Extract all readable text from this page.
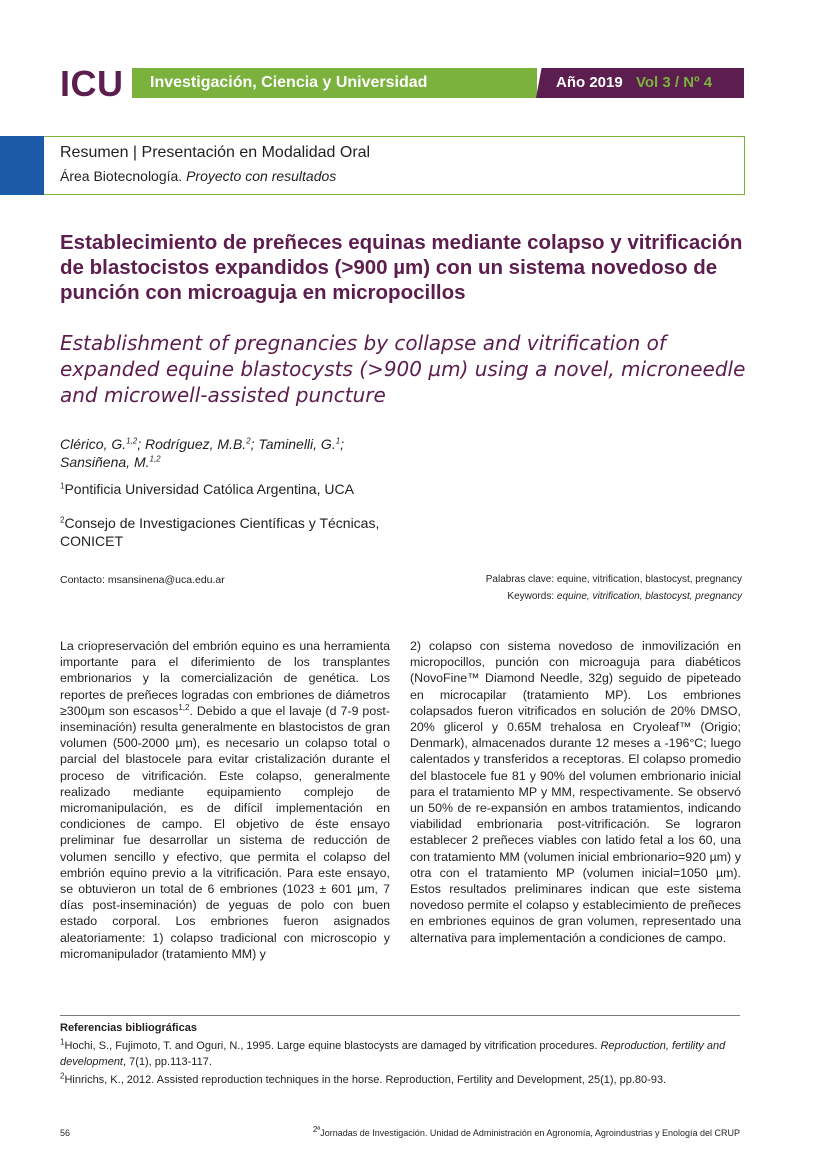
ICU Investigación, Ciencia y Universidad	Año 2019 Vol 3 / Nº 4
Resumen | Presentación en Modalidad Oral
Área Biotecnología. Proyecto con resultados
Establecimiento de preñeces equinas mediante colapso y vitrificación de blastocistos expandidos (>900 µm) con un sistema novedoso de punción con microaguja en micropocillos
Establishment of pregnancies by collapse and vitrification of expanded equine blastocysts (>900 µm) using a novel, microneedle and microwell-assisted puncture
Clérico, G.$^{1,2}$; Rodríguez, M.B.$^2$; Taminelli, G.$^1$;
Sansiñena, M.$^{1,2}$
$^1$Pontificia Universidad Católica Argentina, UCA
$^2$Consejo de Investigaciones Científicas y Técnicas, CONICET
Contacto: msansinena@uca.edu.ar	Palabras clave: equine, vitrification, blastocyst, pregnancy
Keywords: equine, vitrification, blastocyst, pregnancy
La criopreservación del embrión equino es una herramienta importante para el diferimiento de los transplantes embrionarios y la comercialización de genética. Los reportes de preñeces logradas con embriones de diámetros ≥300µm son escasos$^{1,2}$. Debido a que el lavaje (d 7-9 post-inseminación) resulta generalmente en blastocistos de gran volumen (500-2000 µm), es necesario un colapso total o parcial del blastocele para evitar cristalización durante el proceso de vitrificación. Este colapso, generalmente realizado mediante equipamiento complejo de micromanipulación, es de difícil implementación en condiciones de campo. El objetivo de éste ensayo preliminar fue desarrollar un sistema de reducción de volumen sencillo y efectivo, que permita el colapso del embrión equino previo a la vitrificación. Para este ensayo, se obtuvieron un total de 6 embriones (1023 ± 601 µm, 7 días post-inseminación) de yeguas de polo con buen estado corporal. Los embriones fueron asignados aleatoriamente: 1) colapso tradicional con microscopio y micromanipulador (tratamiento MM) y
2) colapso con sistema novedoso de inmovilización en micropocillos, punción con microaguja para diabéticos (NovoFine™ Diamond Needle, 32g) seguido de pipeteado en microcapilar (tratamiento MP). Los embriones colapsados fueron vitrificados en solución de 20% DMSO, 20% glicerol y 0.65M trehalosa en Cryoleaf™ (Origio; Denmark), almacenados durante 12 meses a -196°C; luego calentados y transferidos a receptoras. El colapso promedio del blastocele fue 81 y 90% del volumen embrionario inicial para el tratamiento MP y MM, respectivamente. Se observó un 50% de re-expansión en ambos tratamientos, indicando viabilidad embrionaria post-vitrificación. Se lograron establecer 2 preñeces viables con latido fetal a los 60, una con tratamiento MM (volumen inicial embrionario=920 µm) y otra con el tratamiento MP (volumen inicial=1050 µm). Estos resultados preliminares indican que este sistema novedoso permite el colapso y establecimiento de preñeces en embriones equinos de gran volumen, representado una alternativa para implementación a condiciones de campo.
Referencias bibliográficas
$^1$Hochi, S., Fujimoto, T. and Oguri, N., 1995. Large equine blastocysts are damaged by vitrification procedures. Reproduction, fertility and development, 7(1), pp.113-117.
$^2$Hinrichs, K., 2012. Assisted reproduction techniques in the horse. Reproduction, Fertility and Development, 25(1), pp.80-93.
56	$^{2ª}$Jornadas de Investigación. Unidad de Administración en Agronomía, Agroindustrias y Enología del CRUP
